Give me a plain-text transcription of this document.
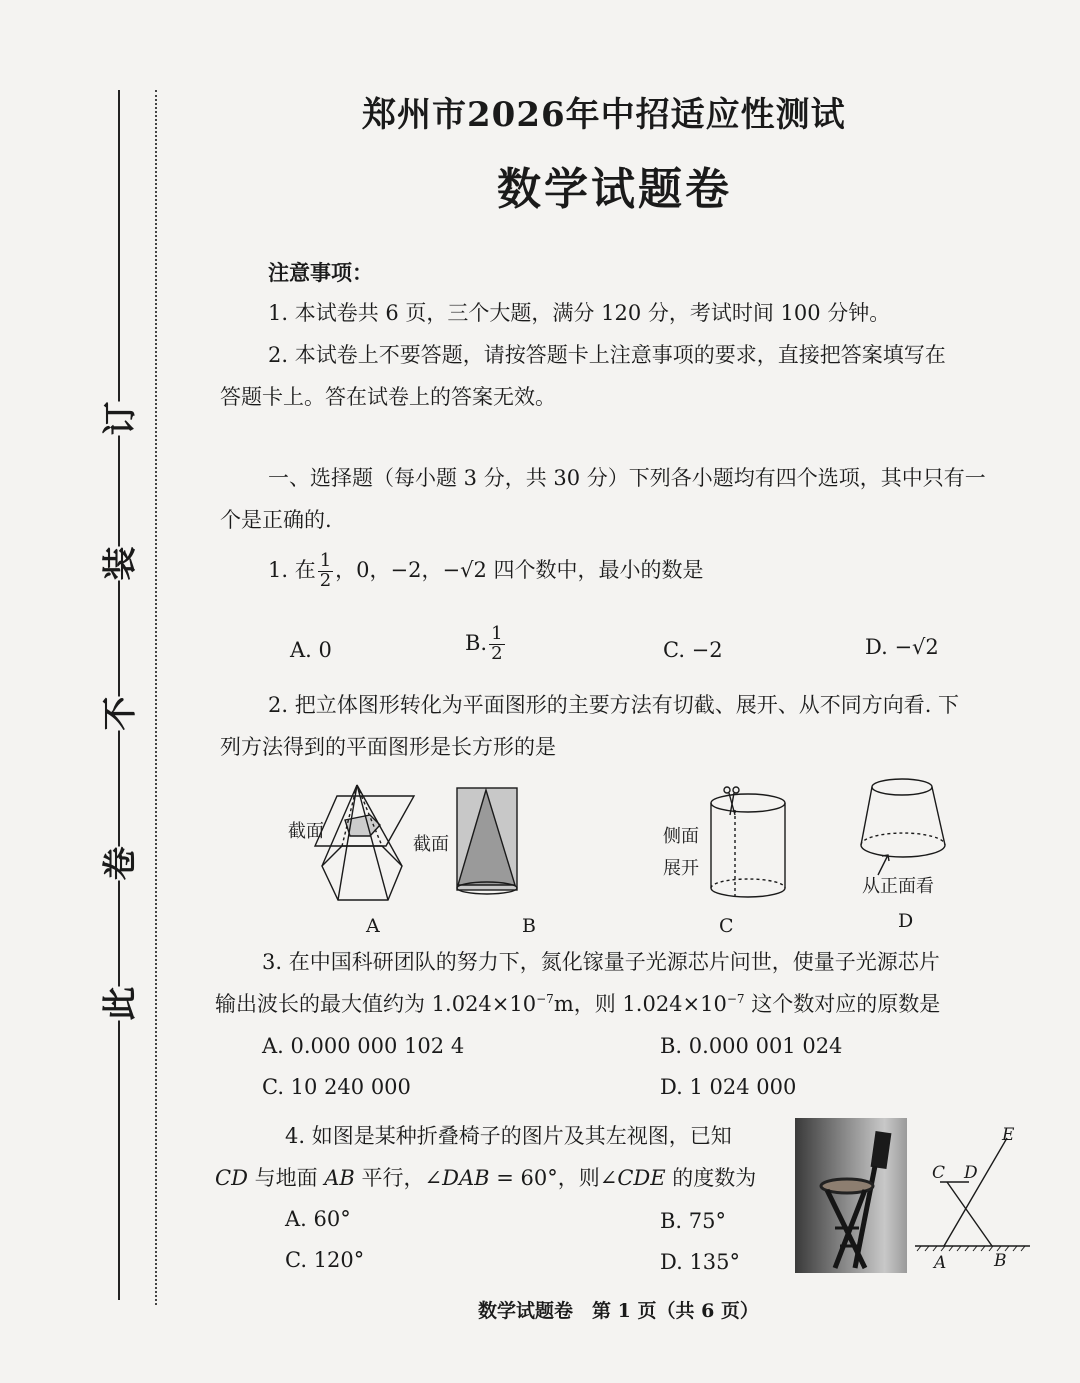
此
卷
不
装
订
郑州市2026年中招适应性测试
数学试题卷
注意事项：
1. 本试卷共 6 页，三个大题，满分 120 分，考试时间 100 分钟。
2. 本试卷上不要答题，请按答题卡上注意事项的要求，直接把答案填写在
答题卡上。答在试卷上的答案无效。
一、选择题（每小题 3 分，共 30 分）下列各小题均有四个选项，其中只有一
个是正确的.
1. 在 $\frac{1}{2}$ ，0，−2，−√2 四个数中，最小的数是
A. 0	B. $\frac{1}{2}$	C. −2	D. −√2
2. 把立体图形转化为平面图形的主要方法有切截、展开、从不同方向看. 下
列方法得到的平面图形是长方形的是
截面
截面	侧面
展开
从正面看
A	B	C	D
3. 在中国科研团队的努力下，氮化镓量子光源芯片问世，使量子光源芯片
输出波长的最大值约为 $1.024\times 10^{-7}m$，则 $1.024\times 10^{-7}$ 这个数对应的原数是
A. 0.000 000 102 4	B. 0.000 001 024
C. 10 240 000	D. 1 024 000
4. 如图是某种折叠椅子的图片及其左视图，已知
CD 与地面 AB 平行，∠DAB = 60°，则∠CDE 的度数为
A. 60°	B. 75°
C. 120°	D. 135°
E
C D
A	B
数学试题卷　第 1 页（共 6 页）
